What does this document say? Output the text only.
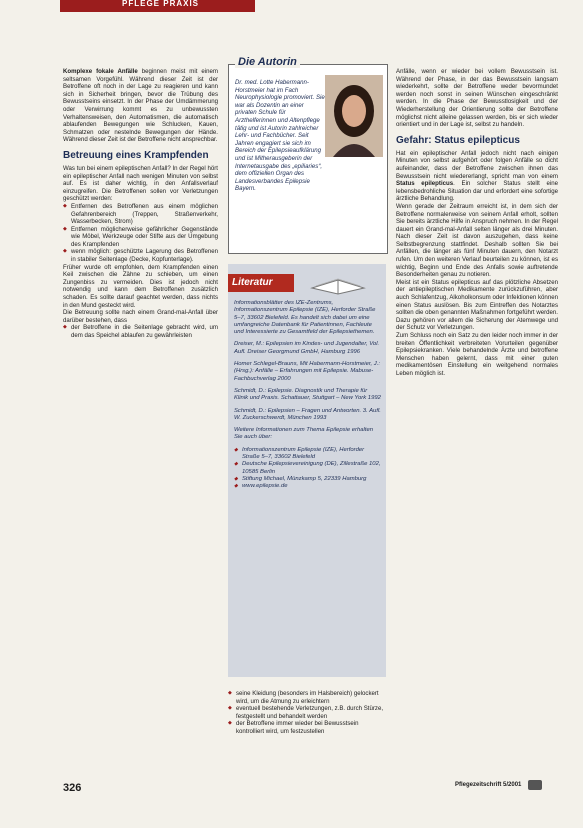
PFLEGE PRAXIS

Komplexe fokale Anfälle beginnen meist mit einem seltsamen Vorgefühl. Während dieser Zeit ist der Betroffene oft noch in der Lage zu reagieren und kann sich in Sicherheit bringen, bevor die Trübung des Bewusstseins einsetzt. In der Phase der Umdämmerung oder Verwirrung kommt es zu unbewussten Verhaltensweisen, den Automatismen, die automatisch ablaufenden Bewegungen wie Schlucken, Kauen, Schmatzen oder nestelnde Bewegungen der Hände. Während dieser Zeit ist der Betroffene nicht ansprechbar.

Betreuung eines Krampfenden

Was tun bei einem epileptischen Anfall? In der Regel hört ein epileptischer Anfall nach wenigen Minuten von selbst auf. Es ist daher wichtig, in den Anfallsverlauf einzugreifen. Die Betroffenen sollen vor Verletzungen geschützt werden:

◆ Entfernen des Betroffenen aus einem möglichen Gefahrenbereich (Treppen, Straßenverkehr, Wasserbecken, Strom)
◆ Entfernen möglicherweise gefährlicher Gegenstände wie Möbel, Werkzeuge oder Stifte aus der Umgebung des Krampfenden
◆ wenn möglich: geschützte Lagerung des Betroffenen in stabiler Seitenlage (Decke, Kopfunterlage).

Früher wurde oft empfohlen, dem Krampfenden einen Keil zwischen die Zähne zu schieben, um einen Zungenbiss zu vermeiden. Dies ist jedoch nicht notwendig und kann dem Betroffenen zusätzlich schaden. Es sollte darauf geachtet werden, dass nichts in den Mund gesteckt wird.

Die Betreuung sollte nach einem Grand-mal-Anfall über darüber bestehen, dass

◆ der Betroffene in die Seitenlage gebracht wird, um dem das Speichel ablaufen zu gewährleisten
Die Autorin
Dr. med. Lotte Habermann-Horstmeier hat im Fach Neurophysiologie promoviert. Sie war als Dozentin an einer privaten Schule für Arzthelferinnen und Altenpflege tätig und ist Autorin zahlreicher Lehr- und Fachbücher. Seit Jahren engagiert sie sich im Bereich der Epilepsieaufklärung und ist Mitherausgeberin der Internetausgabe des „epiliaries“, dem offiziellen Organ des Landesverbandes Epilepsie Bayern.
Literatur

Informationsblätter des IZE-Zentrums, Informationszentrum Epilepsie (IZE), Herforder Straße 5–7, 33602 Bielefeld. Es handelt sich dabei um eine umfangreiche Datenbank für Patientinnen, Fachleute und Interessierte zu Gesamtfeld der Epilepsiethemen.

Dreiser, M.: Epilepsien im Kindes- und Jugendalter, Vol. Aufl. Dreiser Georgmund GmbH, Hamburg 1996

Homer Schlegel-Brauns, Mit Habermann-Horstmeier, J.: (Hrsg.): Anfälle – Erfahrungen mit Epilepsie. Mabuse-Fachbuchverlag 2000

Schmidt, D.: Epilepsie. Diagnostik und Therapie für Klinik und Praxis. Schattauer, Stuttgart – New York 1992

Schmidt, D.: Epilepsien – Fragen und Antworten. 3. Aufl. W. Zuckerschwerdt, München 1993

Weitere Informationen zum Thema Epilepsie erhalten Sie auch über:

◆ Informationszentrum Epilepsie (IZE), Herforder Straße 5–7, 33602 Bielefeld
◆ Deutsche Epilepsievereinigung (DE), Zillestraße 102, 10585 Berlin
◆ Stiftung Michael, Münzkamp 5, 22339 Hamburg
◆ www.epilepsie.de
◆ seine Kleidung (besonders im Halsbereich) gelockert wird, um die Atmung zu erleichtern
◆ eventuell bestehende Verletzungen, z.B. durch Stürze, festgestellt und behandelt werden
◆ der Betroffene immer wieder bei Bewusstsein kontrolliert wird, um festzustellen

Anfälle, wenn er wieder bei vollem Bewusstsein ist. Während der Phase, in der das Bewusstsein langsam wiederkehrt, sollte der Betroffene weder bevormundet werden noch sonst in seinen Wünschen eingeschränkt werden. In die Phase der Bewusstlosigkeit und der Wiederherstellung der Orientierung sollte der Betroffene möglichst nicht alleine gelassen werden, bis er sich wieder orientiert und in der Lage ist, selbst zu handeln.

Gefahr: Status epilepticus

Hat ein epileptischer Anfall jedoch nicht nach einigen Minuten von selbst aufgehört oder folgen Anfälle so dicht aufeinander, dass der Betroffene zwischen ihnen das Bewusstsein nicht wiedererlangt, spricht man von einem Status epilepticus. Ein solcher Status stellt eine lebensbedrohliche Situation dar und erfordert eine sofortige ärztliche Behandlung.

Wenn gerade der Zeitraum erreicht ist, in dem sich der Betroffene normalerweise von seinem Anfall erholt, sollten Sie bereits ärztliche Hilfe in Anspruch nehmen. In der Regel dauert ein Grand-mal-Anfall selten länger als drei Minuten. Nach dieser Zeit ist davon auszugehen, dass keine Selbstbegrenzung stattfindet. Deshalb sollten Sie bei Anfällen, die länger als fünf Minuten dauern, den Notarzt rufen. Um den weiteren Verlauf beurteilen zu können, ist es wichtig, Beginn und Ende des Anfalls sowie auftretende Besonderheiten genau zu notieren.

Meist ist ein Status epilepticus auf das plötzliche Absetzen der antiepileptischen Medikamente zurückzuführen, aber auch Schlafentzug, Alkoholkonsum oder Infektionen können einen Status auslösen. Bis zum Eintreffen des Notarztes sollten die oben genannten Maßnahmen fortgeführt werden. Dazu gehören vor allem die Sicherung der Atemwege und der Schutz vor Verletzungen.

Zum Schluss noch ein Satz zu den leider noch immer in der breiten Öffentlichkeit verbreiteten Vorurteilen gegenüber Epilepsiekranken. Viele behandelnde Ärzte und betroffene Menschen haben gelernt, dass mit einer guten medikamentösen Einstellung ein weitgehend normales Leben möglich ist.

326	Pflegezeitschrift 5/2001
